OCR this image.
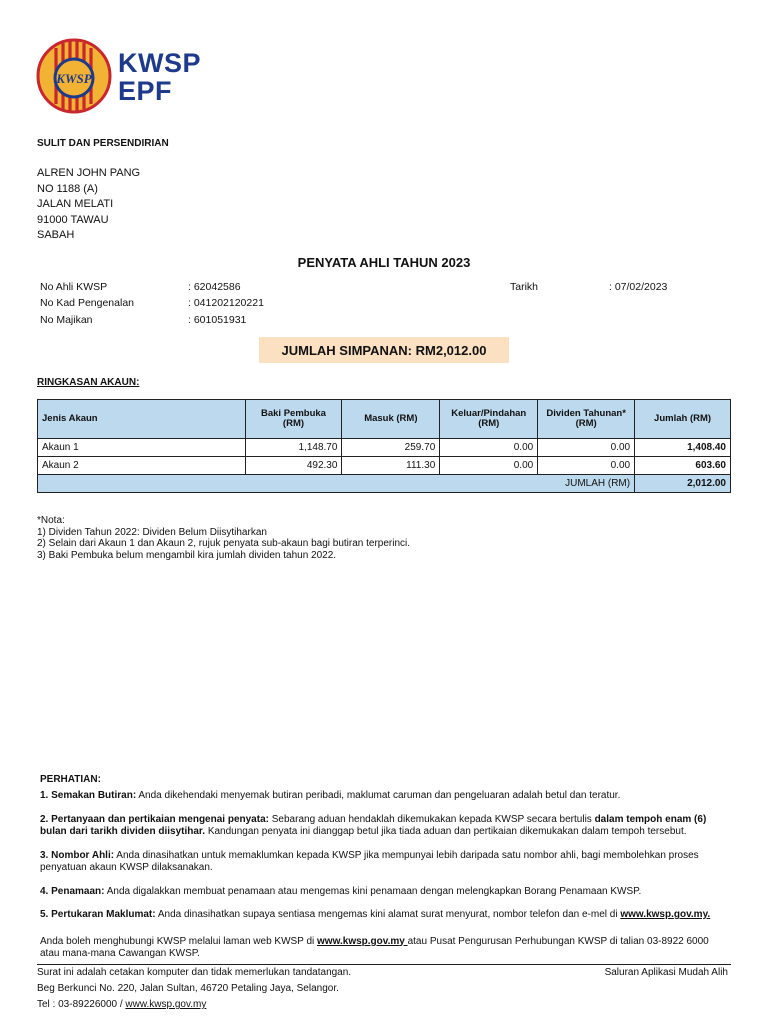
KWSP
KWSP
EPF
SULIT DAN PERSENDIRIAN
ALREN JOHN PANG
NO 1188 (A)
JALAN MELATI
91000 TAWAU
SABAH
PENYATA AHLI TAHUN 2023
No Ahli KWSP	: 62042586	Tarikh	: 07/02/2023
No Kad Pengenalan	: 041202120221
No Majikan	: 601051931
JUMLAH SIMPANAN: RM2,012.00
RINGKASAN AKAUN:
Jenis Akaun	Baki Pembuka (RM)	Masuk (RM)	Keluar/Pindahan (RM)	Dividen Tahunan* (RM)	Jumlah (RM)
Akaun 1	1,148.70	259.70	0.00	0.00	1,408.40
Akaun 2	492.30	111.30	0.00	0.00	603.60
JUMLAH (RM)					2,012.00
*Nota:
1) Dividen Tahun 2022: Dividen Belum Diisytiharkan
2) Selain dari Akaun 1 dan Akaun 2, rujuk penyata sub-akaun bagi butiran terperinci.
3) Baki Pembuka belum mengambil kira jumlah dividen tahun 2022.
PERHATIAN:
1. Semakan Butiran: Anda dikehendaki menyemak butiran peribadi, maklumat caruman dan pengeluaran adalah betul dan teratur.
2. Pertanyaan dan pertikaian mengenai penyata: Sebarang aduan hendaklah dikemukakan kepada KWSP secara bertulis dalam tempoh enam (6) bulan dari tarikh dividen diisytihar. Kandungan penyata ini dianggap betul jika tiada aduan dan pertikaian dikemukakan dalam tempoh tersebut.
3. Nombor Ahli: Anda dinasihatkan untuk memaklumkan kepada KWSP jika mempunyai lebih daripada satu nombor ahli, bagi membolehkan proses penyatuan akaun KWSP dilaksanakan.
4. Penamaan: Anda digalakkan membuat penamaan atau mengemas kini penamaan dengan melengkapkan Borang Penamaan KWSP.
5. Pertukaran Maklumat: Anda dinasihatkan supaya sentiasa mengemas kini alamat surat menyurat, nombor telefon dan e-mel di www.kwsp.gov.my.
Anda boleh menghubungi KWSP melalui laman web KWSP di www.kwsp.gov.my atau Pusat Pengurusan Perhubungan KWSP di talian 03-8922 6000 atau mana-mana Cawangan KWSP.
Surat ini adalah cetakan komputer dan tidak memerlukan tandatangan.
Beg Berkunci No. 220, Jalan Sultan, 46720 Petaling Jaya, Selangor.
Tel : 03-89226000 / www.kwsp.gov.my
Saluran Aplikasi Mudah Alih
